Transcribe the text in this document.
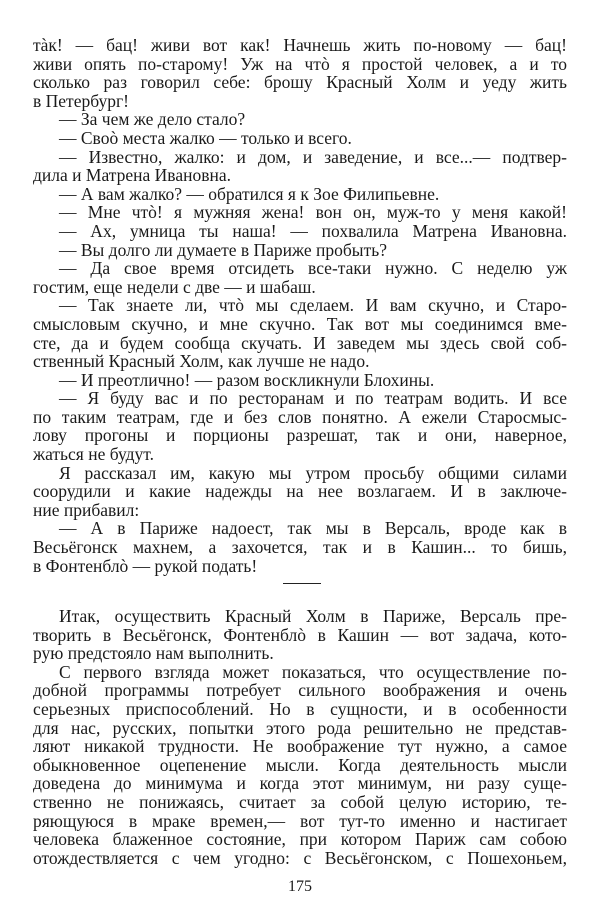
тàк! — бац! живи вот как! Начнешь жить по-новому — бац!
живи опять по-старому! Уж на чтò я простой человек, а и то
сколько раз говорил себе: брошу Красный Холм и уеду жить
в Петербург!
— За чем же дело стало?
— Своò места жалко — только и всего.
— Известно, жалко: и дом, и заведение, и все...— подтвер-
дила и Матрена Ивановна.
— А вам жалко? — обратился я к Зое Филипьевне.
— Мне чтò! я мужняя жена! вон он, муж-то у меня какой!
— Ах, умница ты наша! — похвалила Матрена Ивановна.
— Вы долго ли думаете в Париже пробыть?
— Да свое время отсидеть все-таки нужно. С неделю уж
гостим, еще недели с две — и шабаш.
— Так знаете ли, чтò мы сделаем. И вам скучно, и Старо-
смысловым скучно, и мне скучно. Так вот мы соединимся вме-
сте, да и будем сообща скучать. И заведем мы здесь свой соб-
ственный Красный Холм, как лучше не надо.
— И преотлично! — разом воскликнули Блохины.
— Я буду вас и по ресторанам и по театрам водить. И все
по таким театрам, где и без слов понятно. А ежели Старосмыс-
лову прогоны и порционы разрешат, так и они, наверное,
жаться не будут.
Я рассказал им, какую мы утром просьбу общими силами
соорудили и какие надежды на нее возлагаем. И в заключе-
ние прибавил:
— А в Париже надоест, так мы в Версаль, вроде как в
Весьёгонск махнем, а захочется, так и в Кашин... то бишь,
в Фонтенблò — рукой подать!
Итак, осуществить Красный Холм в Париже, Версаль пре-
творить в Весьёгонск, Фонтенблò в Кашин — вот задача, кото-
рую предстояло нам выполнить.
С первого взгляда может показаться, что осуществление по-
добной программы потребует сильного воображения и очень
серьезных приспособлений. Но в сущности, и в особенности
для нас, русских, попытки этого рода решительно не представ-
ляют никакой трудности. Не воображение тут нужно, а самое
обыкновенное оцепенение мысли. Когда деятельность мысли
доведена до минимума и когда этот минимум, ни разу суще-
ственно не понижаясь, считает за собой целую историю, те-
ряющуюся в мраке времен,— вот тут-то именно и настигает
человека блаженное состояние, при котором Париж сам собою
отождествляется с чем угодно: с Весьёгонском, с Пошехоньем,
175
